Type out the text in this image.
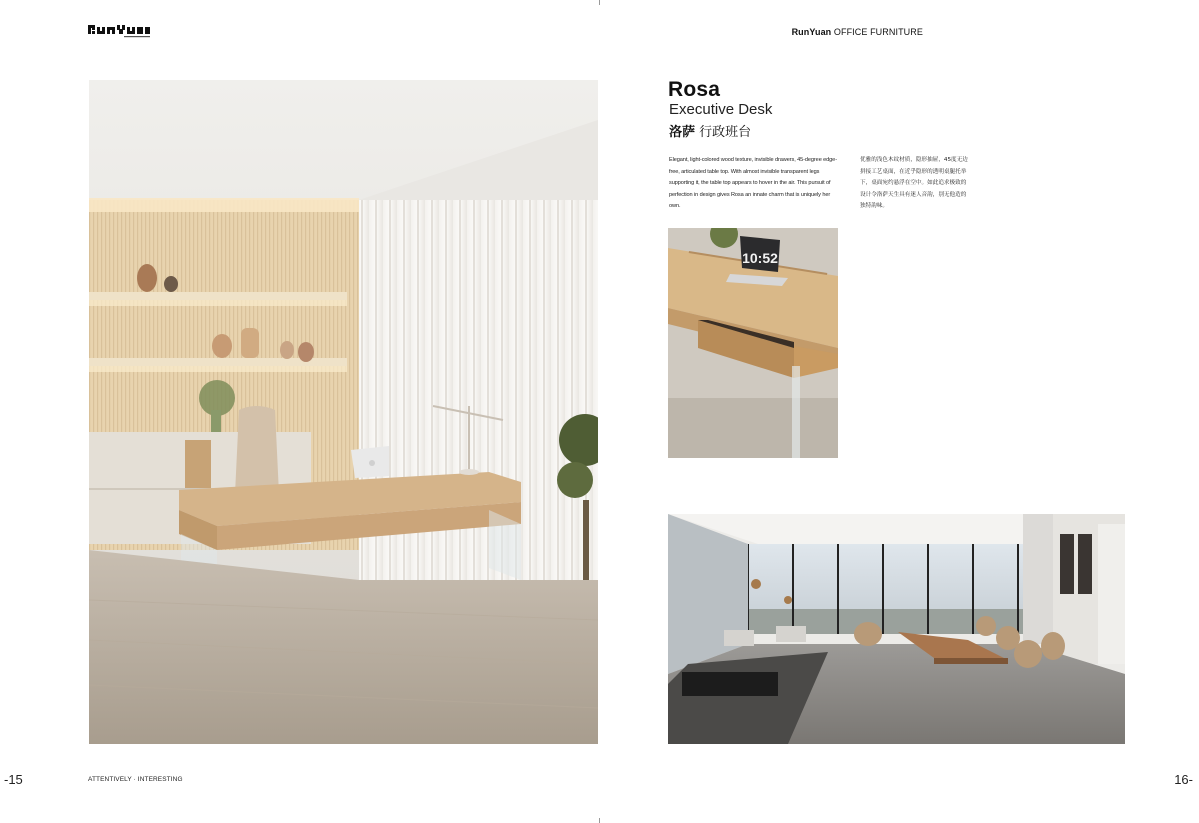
RunYuan OFFICE FURNITURE
Rosa
Executive Desk
洛萨 行政班台
Elegant, light-colored wood texture, invisible drawers, 45-degree edge-free, articulated table top. With almost invisible transparent legs supporting it, the table top appears to hover in the air. This pursuit of perfection in design gives Rosa an innate charm that is uniquely her own.
优雅的浅色木纹材质，隐形抽屉，45度无边拼接工艺桌面，在近乎隐形的透明桌腿托举下，桌面宛约悬浮在空中。如此追求极致的设计令洛萨天生具有迷人音韵，别无他造的独特韵味。
10:52
-15	ATTENTIVELY · INTERESTING	16-
